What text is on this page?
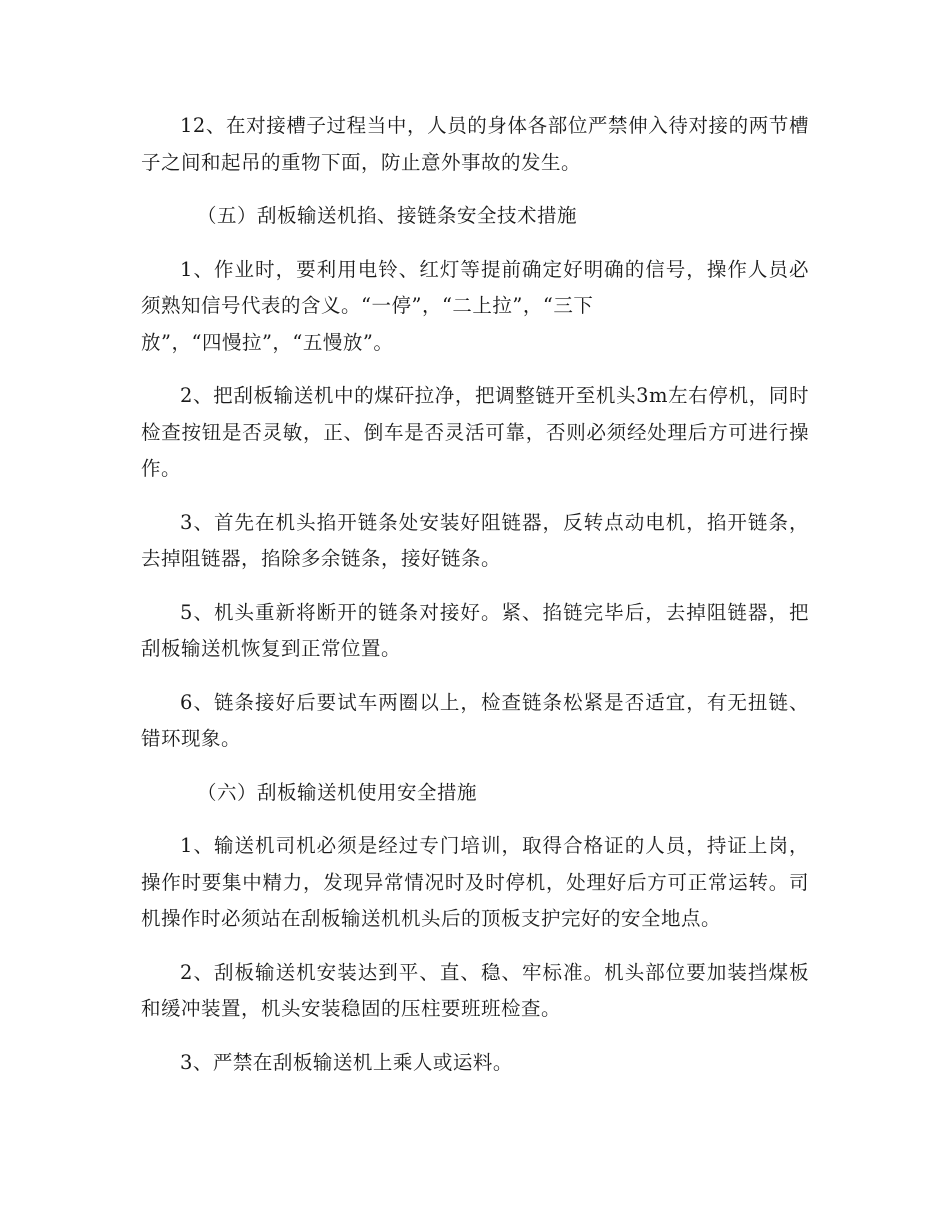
12、在对接槽子过程当中，人员的身体各部位严禁伸入待对接的两节槽子之间和起吊的重物下面，防止意外事故的发生。

（五）刮板输送机掐、接链条安全技术措施

1、作业时，要利用电铃、红灯等提前确定好明确的信号，操作人员必须熟知信号代表的含义。“一停”，“二上拉”，“三下

放”，“四慢拉”，“五慢放”。

2、把刮板输送机中的煤矸拉净，把调整链开至机头3m左右停机，同时检查按钮是否灵敏，正、倒车是否灵活可靠，否则必须经处理后方可进行操作。

3、首先在机头掐开链条处安装好阻链器，反转点动电机，掐开链条，去掉阻链器，掐除多余链条，接好链条。

5、机头重新将断开的链条对接好。紧、掐链完毕后，去掉阻链器，把刮板输送机恢复到正常位置。

6、链条接好后要试车两圈以上，检查链条松紧是否适宜，有无扭链、错环现象。

（六）刮板输送机使用安全措施

1、输送机司机必须是经过专门培训，取得合格证的人员，持证上岗，操作时要集中精力，发现异常情况时及时停机，处理好后方可正常运转。司机操作时必须站在刮板输送机机头后的顶板支护完好的安全地点。

2、刮板输送机安装达到平、直、稳、牢标准。机头部位要加装挡煤板和缓冲装置，机头安装稳固的压柱要班班检查。

3、严禁在刮板输送机上乘人或运料。
